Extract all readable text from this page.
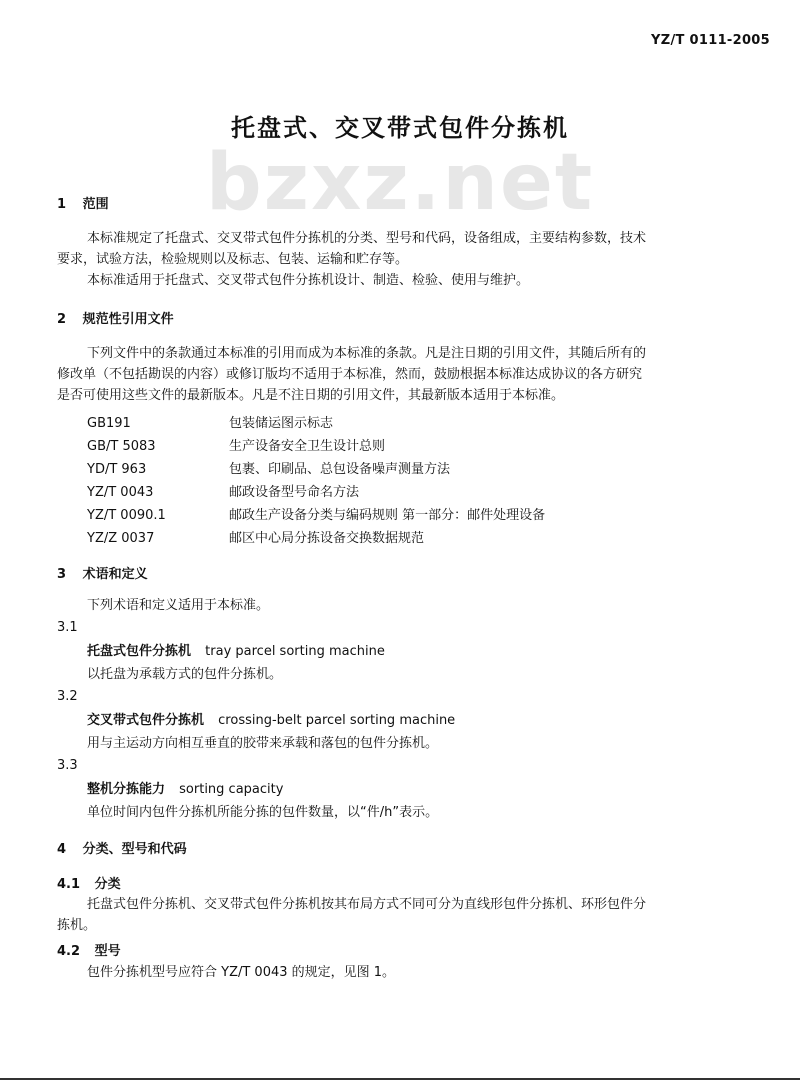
YZ/T 0111-2005
托盘式、交叉带式包件分拣机
bzxz.net
1 范围
本标准规定了托盘式、交叉带式包件分拣机的分类、型号和代码，设备组成，主要结构参数，技术
要求，试验方法，检验规则以及标志、包装、运输和贮存等。
本标准适用于托盘式、交叉带式包件分拣机设计、制造、检验、使用与维护。
2 规范性引用文件
下列文件中的条款通过本标准的引用而成为本标准的条款。凡是注日期的引用文件，其随后所有的
修改单（不包括勘误的内容）或修订版均不适用于本标准，然而，鼓励根据本标准达成协议的各方研究
是否可使用这些文件的最新版本。凡是不注日期的引用文件，其最新版本适用于本标准。
GB191	包装储运图示标志
GB/T 5083	生产设备安全卫生设计总则
YD/T 963	包裹、印刷品、总包设备噪声测量方法
YZ/T 0043	邮政设备型号命名方法
YZ/T 0090.1	邮政生产设备分类与编码规则 第一部分：邮件处理设备
YZ/Z 0037	邮区中心局分拣设备交换数据规范
3 术语和定义
下列术语和定义适用于本标准。
3.1
托盘式包件分拣机 tray parcel sorting machine
以托盘为承载方式的包件分拣机。
3.2
交叉带式包件分拣机 crossing-belt parcel sorting machine
用与主运动方向相互垂直的胶带来承载和落包的包件分拣机。
3.3
整机分拣能力 sorting capacity
单位时间内包件分拣机所能分拣的包件数量，以“件/h”表示。
4 分类、型号和代码
4.1 分类
托盘式包件分拣机、交叉带式包件分拣机按其布局方式不同可分为直线形包件分拣机、环形包件分
拣机。
4.2 型号
包件分拣机型号应符合 YZ/T 0043 的规定，见图 1。
